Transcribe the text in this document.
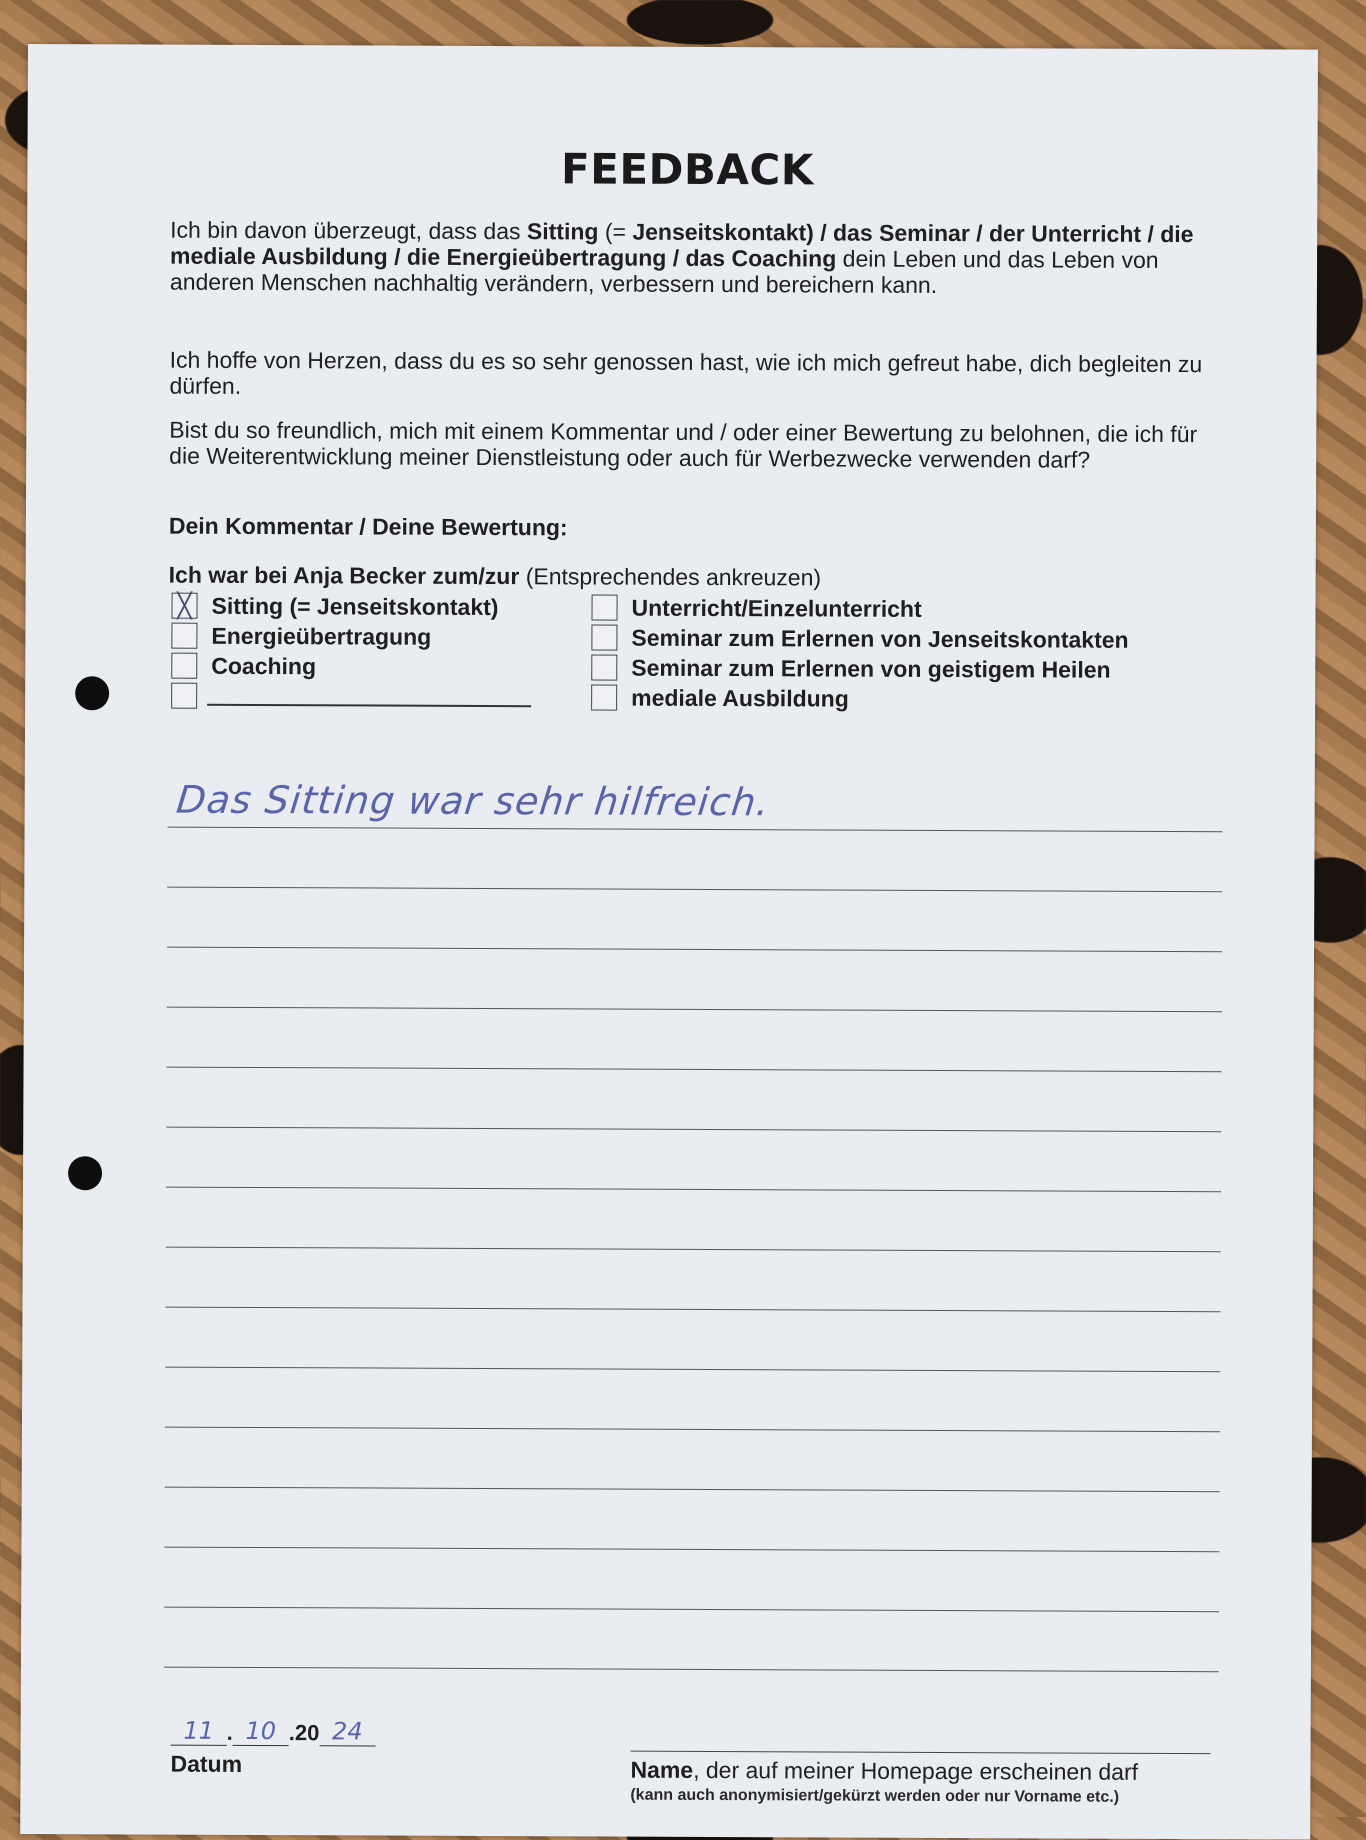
FEEDBACK
Ich bin davon überzeugt, dass das Sitting (= Jenseitskontakt) / das Seminar / der Unterricht / die mediale Ausbildung / die Energieübertragung / das Coaching dein Leben und das Leben von anderen Menschen nachhaltig verändern, verbessern und bereichern kann.
Ich hoffe von Herzen, dass du es so sehr genossen hast, wie ich mich gefreut habe, dich begleiten zu dürfen.
Bist du so freundlich, mich mit einem Kommentar und / oder einer Bewertung zu belohnen, die ich für die Weiterentwicklung meiner Dienstleistung oder auch für Werbezwecke verwenden darf?
Dein Kommentar / Deine Bewertung:
Ich war bei Anja Becker zum/zur (Entsprechendes ankreuzen)
╳ Sitting (= Jenseitskontakt)
Energieübertragung
Coaching
Unterricht/Einzelunterricht
Seminar zum Erlernen von Jenseitskontakten
Seminar zum Erlernen von geistigem Heilen
mediale Ausbildung
Das Sitting war sehr hilfreich.
11 . 10 . 20 24
Datum	Name, der auf meiner Homepage erscheinen darf
(kann auch anonymisiert/gekürzt werden oder nur Vorname etc.)
